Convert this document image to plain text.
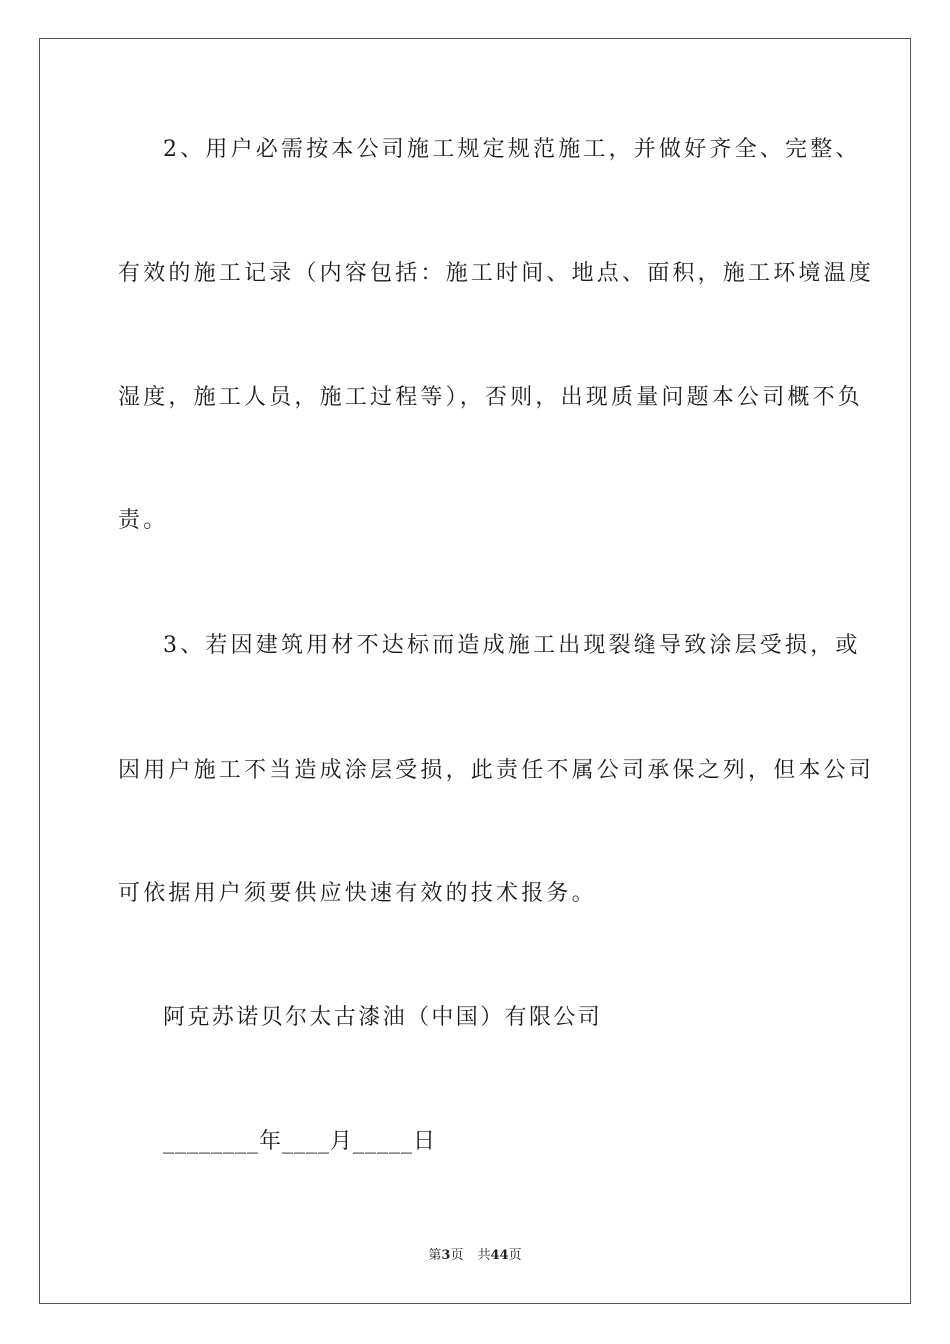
2、用户必需按本公司施工规定规范施工，并做好齐全、完整、
有效的施工记录（内容包括：施工时间、地点、面积，施工环境温度
湿度，施工人员，施工过程等），否则，出现质量问题本公司概不负
责。
3、若因建筑用材不达标而造成施工出现裂缝导致涂层受损，或
因用户施工不当造成涂层受损，此责任不属公司承保之列，但本公司
可依据用户须要供应快速有效的技术报务。
阿克苏诺贝尔太古漆油（中国）有限公司
________年____月_____日
第3页 共44页
